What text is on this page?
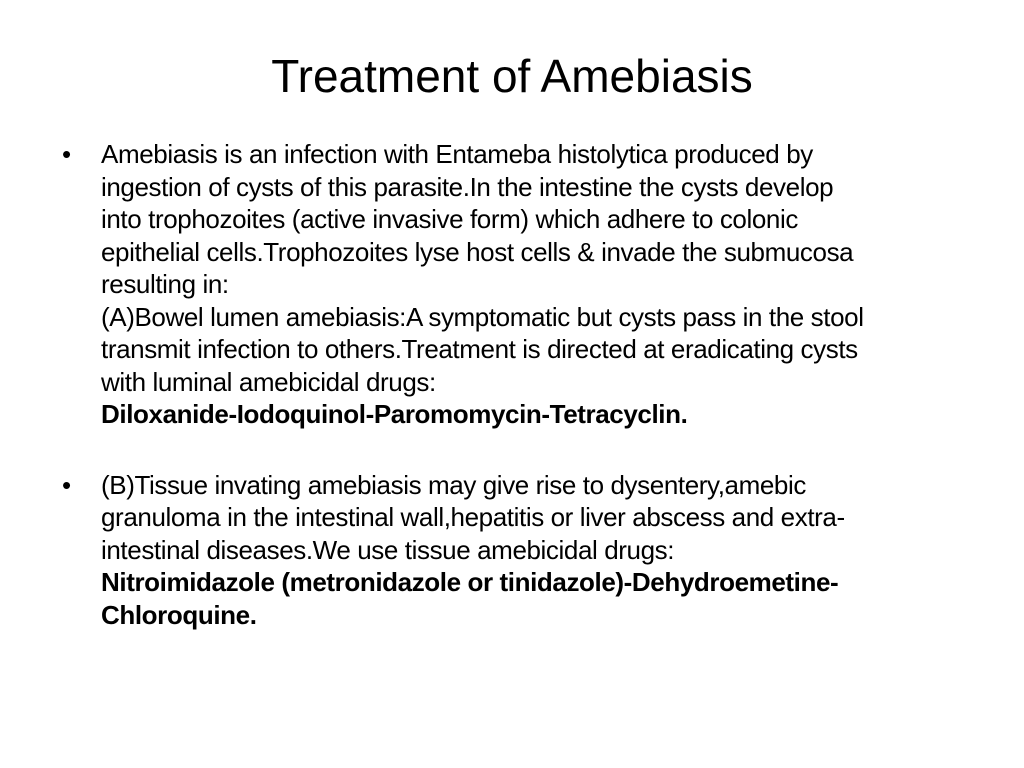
Treatment of Amebiasis
• Amebiasis is an infection with Entameba histolytica produced by
ingestion of cysts of this parasite.In the intestine the cysts develop
into trophozoites (active invasive form) which adhere to colonic
epithelial cells.Trophozoites lyse host cells & invade the submucosa
resulting in:
(A)Bowel lumen amebiasis:A symptomatic but cysts pass in the stool
transmit infection to others.Treatment is directed at eradicating cysts
with luminal amebicidal drugs:
Diloxanide-Iodoquinol-Paromomycin-Tetracyclin.
• (B)Tissue invating amebiasis may give rise to dysentery,amebic
granuloma in the intestinal wall,hepatitis or liver abscess and extra-
intestinal diseases.We use tissue amebicidal drugs:
Nitroimidazole (metronidazole or tinidazole)-Dehydroemetine-
Chloroquine.
